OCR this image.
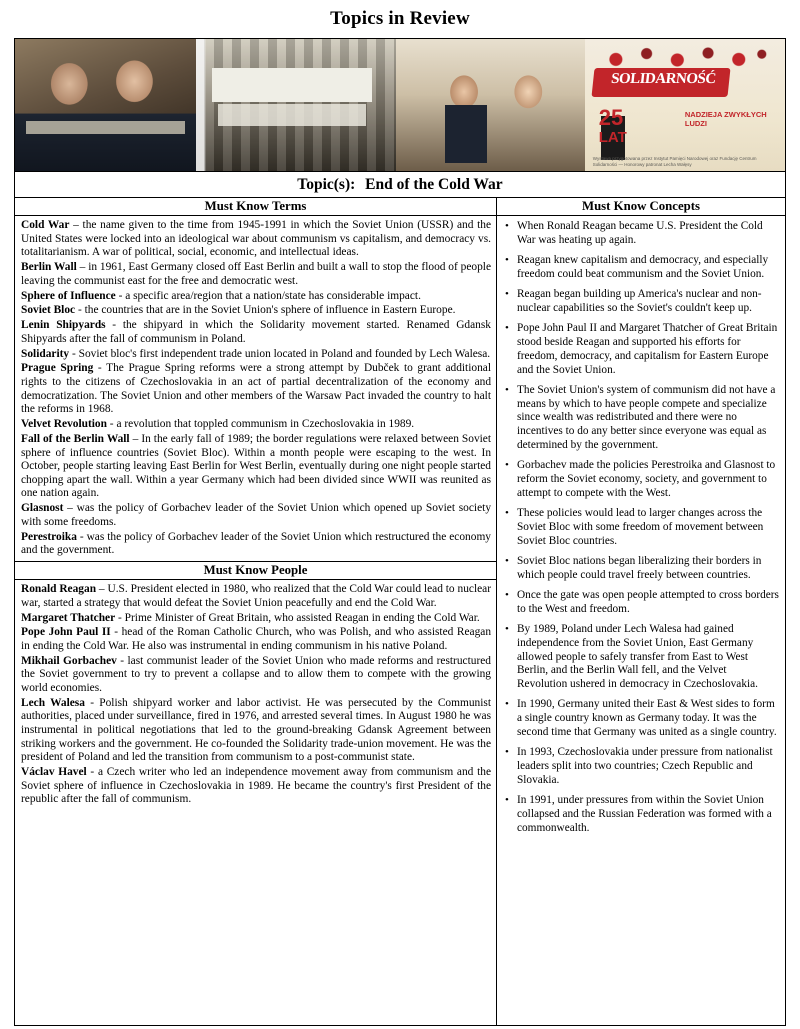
Topics in Review
SOLIDARNOŚĆ
25
LAT
NADZIEJA ZWYKŁYCH LUDZI
Wystawa przygotowana przez Instytut Pamięci Narodowej oraz Fundację Centrum Solidarności — Honorowy patronat Lecha Wałęsy
Topic(s): End of the Cold War
Must Know Terms
Cold War – the name given to the time from 1945-1991 in which the Soviet Union (USSR) and the United States were locked into an ideological war about communism vs capitalism, and democracy vs. totalitarianism. A war of political, social, economic, and intellectual ideas.
Berlin Wall – in 1961, East Germany closed off East Berlin and built a wall to stop the flood of people leaving the communist east for the free and democratic west.
Sphere of Influence - a specific area/region that a nation/state has considerable impact.
Soviet Bloc - the countries that are in the Soviet Union's sphere of influence in Eastern Europe.
Lenin Shipyards - the shipyard in which the Solidarity movement started. Renamed Gdansk Shipyards after the fall of communism in Poland.
Solidarity - Soviet bloc's first independent trade union located in Poland and founded by Lech Walesa.
Prague Spring - The Prague Spring reforms were a strong attempt by Dubček to grant additional rights to the citizens of Czechoslovakia in an act of partial decentralization of the economy and democratization. The Soviet Union and other members of the Warsaw Pact invaded the country to halt the reforms in 1968.
Velvet Revolution - a revolution that toppled communism in Czechoslovakia in 1989.
Fall of the Berlin Wall – In the early fall of 1989; the border regulations were relaxed between Soviet sphere of influence countries (Soviet Bloc). Within a month people were escaping to the west. In October, people starting leaving East Berlin for West Berlin, eventually during one night people started chopping apart the wall. Within a year Germany which had been divided since WWII was reunited as one nation again.
Glasnost – was the policy of Gorbachev leader of the Soviet Union which opened up Soviet society with some freedoms.
Perestroika - was the policy of Gorbachev leader of the Soviet Union which restructured the economy and the government.
Must Know People
Ronald Reagan – U.S. President elected in 1980, who realized that the Cold War could lead to nuclear war, started a strategy that would defeat the Soviet Union peacefully and end the Cold War.
Margaret Thatcher - Prime Minister of Great Britain, who assisted Reagan in ending the Cold War.
Pope John Paul II - head of the Roman Catholic Church, who was Polish, and who assisted Reagan in ending the Cold War. He also was instrumental in ending communism in his native Poland.
Mikhail Gorbachev - last communist leader of the Soviet Union who made reforms and restructured the Soviet government to try to prevent a collapse and to allow them to compete with the growing world economies.
Lech Walesa - Polish shipyard worker and labor activist. He was persecuted by the Communist authorities, placed under surveillance, fired in 1976, and arrested several times. In August 1980 he was instrumental in political negotiations that led to the ground-breaking Gdansk Agreement between striking workers and the government. He co-founded the Solidarity trade-union movement. He was the president of Poland and led the transition from communism to a post-communist state.
Václav Havel - a Czech writer who led an independence movement away from communism and the Soviet sphere of influence in Czechoslovakia in 1989. He became the country's first President of the republic after the fall of communism.
Must Know Concepts
• When Ronald Reagan became U.S. President the Cold War was heating up again.
• Reagan knew capitalism and democracy, and especially freedom could beat communism and the Soviet Union.
• Reagan began building up America's nuclear and non-nuclear capabilities so the Soviet's couldn't keep up.
• Pope John Paul II and Margaret Thatcher of Great Britain stood beside Reagan and supported his efforts for freedom, democracy, and capitalism for Eastern Europe and the Soviet Union.
• The Soviet Union's system of communism did not have a means by which to have people compete and specialize since wealth was redistributed and there were no incentives to do any better since everyone was equal as determined by the government.
• Gorbachev made the policies Perestroika and Glasnost to reform the Soviet economy, society, and government to attempt to compete with the West.
• These policies would lead to larger changes across the Soviet Bloc with some freedom of movement between Soviet Bloc countries.
• Soviet Bloc nations began liberalizing their borders in which people could travel freely between countries.
• Once the gate was open people attempted to cross borders to the West and freedom.
• By 1989, Poland under Lech Walesa had gained independence from the Soviet Union, East Germany allowed people to safely transfer from East to West Berlin, and the Berlin Wall fell, and the Velvet Revolution ushered in democracy in Czechoslovakia.
• In 1990, Germany united their East & West sides to form a single country known as Germany today. It was the second time that Germany was united as a single country.
• In 1993, Czechoslovakia under pressure from nationalist leaders split into two countries; Czech Republic and Slovakia.
• In 1991, under pressures from within the Soviet Union collapsed and the Russian Federation was formed with a commonwealth.
